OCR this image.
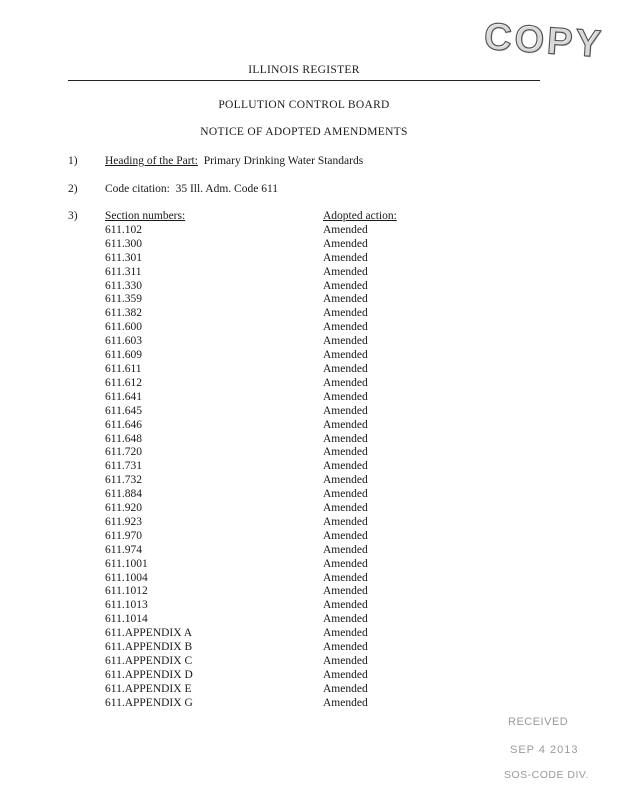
COPY
ILLINOIS REGISTER
POLLUTION CONTROL BOARD
NOTICE OF ADOPTED AMENDMENTS
1) Heading of the Part: Primary Drinking Water Standards
2) Code citation: 35 Ill. Adm. Code 611
3) Section numbers:
611.102
611.300
611.301
611.311
611.330
611.359
611.382
611.600
611.603
611.609
611.611
611.612
611.641
611.645
611.646
611.648
611.720
611.731
611.732
611.884
611.920
611.923
611.970
611.974
611.1001
611.1004
611.1012
611.1013
611.1014
611.APPENDIX A
611.APPENDIX B
611.APPENDIX C
611.APPENDIX D
611.APPENDIX E
611.APPENDIX G
Adopted action:
Amended
Amended
Amended
Amended
Amended
Amended
Amended
Amended
Amended
Amended
Amended
Amended
Amended
Amended
Amended
Amended
Amended
Amended
Amended
Amended
Amended
Amended
Amended
Amended
Amended
Amended
Amended
Amended
Amended
Amended
Amended
Amended
Amended
Amended
Amended
RECEIVED
SEP 4 2013
SOS-CODE DIV.
